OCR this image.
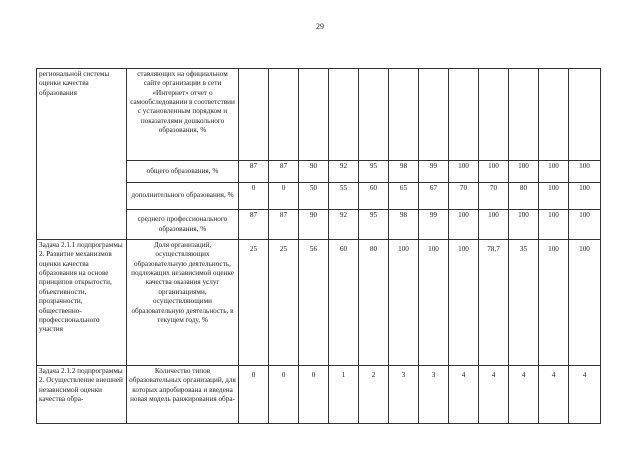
29
региональной системы оценки качества образования	ставляющих на официальном сайте организации в сети «Интернет» отчет о самообследовании в соответствии с установленным порядком и показателями дошкольного образования, %												
	общего образования, %	87	87	90	92	95	98	99	100	100	100	100	100
	дополнительного образования, %	0	0	50	55	60	65	67	70	70	80	100	100
	среднего профессионального образования, %	87	87	90	92	95	98	99	100	100	100	100	100
Задача 2.1.1 подпрограммы 2. Развитие механизмов оценки качества образования на основе принципов открытости, объективности, прозрачности, общественно-профессионального участия	Доля организаций, осуществляющих образовательную деятельность, подлежащих независимой оценке качества оказания услуг организациями, осуществляющими образовательную деятельность, в текущем году, %	25	25	56	60	80	100	100	100	78,7	35	100	100
Задача 2.1.2 подпрограммы 2. Осуществление внешней независимой оценки качества обра-	Количество типов образовательных организаций, для которых апробирована и введена новая модель ранжирования обра-	0	0	0	1	2	3	3	4	4	4	4	4
